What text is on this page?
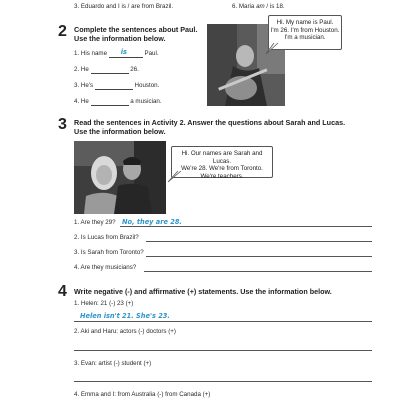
3. Eduardo and I is / are from Brazil.	6. Maria am / is 18.
2 Complete the sentences about Paul.
Use the information below.
1. His name is	Paul.
2. He	26.
3. He's	Houston.
4. He	a musician.
Hi. My name is Paul.
I'm 26. I'm from Houston.
I'm a musician.
3 Read the sentences in Activity 2. Answer the questions about Sarah and Lucas.
Use the information below.
Hi. Our names are Sarah and Lucas.
We're 28. We're from Toronto.
We're teachers.
1. Are they 29? No, they are 28.
2. Is Lucas from Brazil?
3. Is Sarah from Toronto?
4. Are they musicians?
4 Write negative (-) and affirmative (+) statements. Use the information below.
1. Helen: 21 (-) 23 (+)
Helen isn't 21. She's 23.
2. Aki and Haru: actors (-) doctors (+)
3. Evan: artist (-) student (+)
4. Emma and I: from Australia (-) from Canada (+)
